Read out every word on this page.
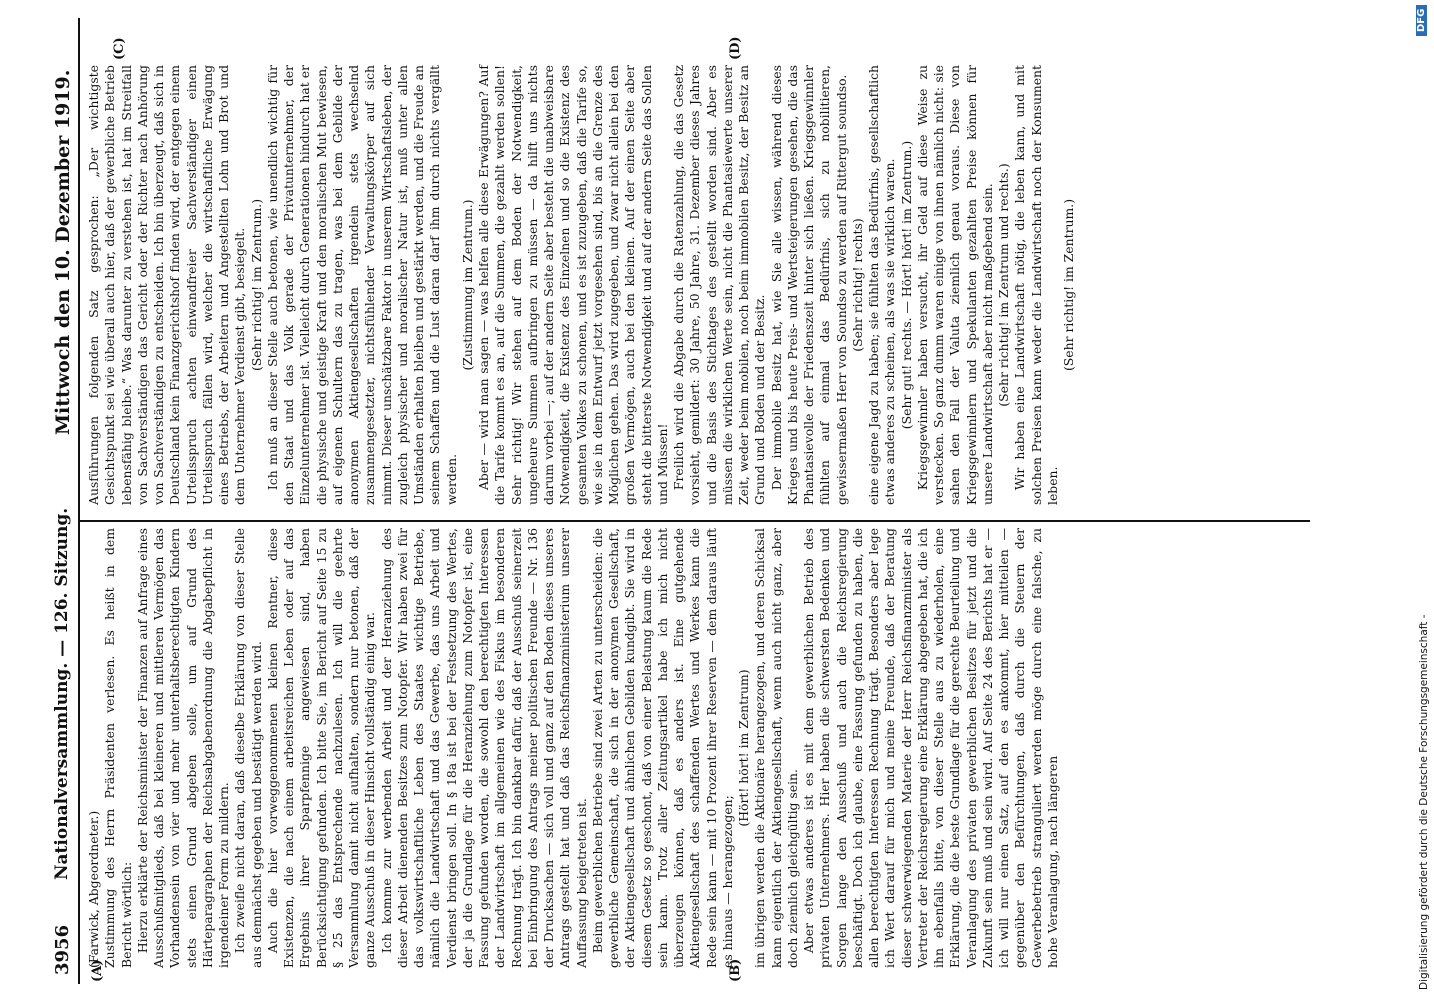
3956
Nationalversammlung. — 126. Sitzung.
Mittwoch den 10. Dezember 1919.
(A)	(B)
(C)	(D)

(Farwick, Abgeordneter.) Zustimmung des Herrn Präsidenten verlesen. Es heißt in dem Bericht wörtlich: Hierzu erklärte der Reichsminister der Finanzen auf Anfrage eines Ausschußmitglieds, daß bei kleineren und mittleren Vermögen das Vorhandensein von vier und mehr unterhaltsberechtigten Kindern stets einen Grund abgeben solle, um auf Grund des Härteparagraphen der Reichsabgabenordnung die Abgabepflicht in irgendeiner Form zu mildern. Ich zweifle nicht daran, daß dieselbe Erklärung von dieser Stelle aus demnächst gegeben und bestätigt werden wird. Auch die hier vorweggenommenen kleinen Rentner, diese Existenzen, die nach einem arbeitsreichen Leben oder auf das Ergebnis ihrer Sparpfennige angewiesen sind, haben Berücksichtigung gefunden. Ich bitte Sie, im Bericht auf Seite 15 zu § 25 das Entsprechende nachzulesen. Ich will die geehrte Versammlung damit nicht aufhalten, sondern nur betonen, daß der ganze Ausschuß in dieser Hinsicht vollständig einig war. Ich komme zur werbenden Arbeit und der Heranziehung des dieser Arbeit dienenden Besitzes zum Notopfer. Wir haben zwei für das volkswirtschaftliche Leben des Staates wichtige Betriebe, nämlich die Landwirtschaft und das Gewerbe, das uns Arbeit und Verdienst bringen soll. In § 18a ist bei der Festsetzung des Wertes, der ja die Grundlage für die Heranziehung zum Notopfer ist, eine Fassung gefunden worden, die sowohl den berechtigten Interessen der Landwirtschaft im allgemeinen wie des Fiskus im besonderen Rechnung trägt. Ich bin dankbar dafür, daß der Ausschuß seinerzeit bei Einbringung des Antrags meiner politischen Freunde — Nr. 136 der Drucksachen — sich voll und ganz auf den Boden dieses unseres Antrags gestellt hat und daß das Reichsfinanzministerium unserer Auffassung beigetreten ist. Beim gewerblichen Betriebe sind zwei Arten zu unterscheiden: die gewerbliche Gemeinschaft, die sich in der anonymen Gesellschaft, der Aktiengesellschaft und ähnlichen Gebilden kundgibt. Sie wird in diesem Gesetz so geschont, daß von einer Belastung kaum die Rede sein kann. Trotz aller Zeitungsartikel habe ich mich nicht überzeugen können, daß es anders ist. Eine gutgehende Aktiengesellschaft des schaffenden Wertes und Werkes kann die Rede sein kann — mit 10 Prozent ihrer Reserven — dem daraus läuft es hinaus — herangezogen;

(Hört! hört! im Zentrum) im übrigen werden die Aktionäre herangezogen, und deren Schicksal kann eigentlich der Aktiengesellschaft, wenn auch nicht ganz, aber doch ziemlich gleichgültig sein. Aber etwas anderes ist es mit dem gewerblichen Betrieb des privaten Unternehmers. Hier haben die schwersten Bedenken und Sorgen lange den Ausschuß und auch die Reichsregierung beschäftigt. Doch ich glaube, eine Fassung gefunden zu haben, die allen berechtigten Interessen Rechnung trägt. Besonders aber lege ich Wert darauf für mich und meine Freunde, daß der Beratung dieser schwerwiegenden Materie der Herr Reichsfinanzminister als Vertreter der Reichsregierung eine Erklärung abgegeben hat, die ich ihn ebenfalls bitte, von dieser Stelle aus zu wiederholen, eine Erklärung, die die beste Grundlage für die gerechte Beurteilung und Veranlagung des privaten gewerblichen Besitzes für jetzt und die Zukunft sein muß und sein wird. Auf Seite 24 des Berichts hat er — ich will nur einen Satz, auf den es ankommt, hier mitteilen — gegenüber den Befürchtungen, daß durch die Steuern der Gewerbebetrieb stranguliert werden möge durch eine falsche, zu hohe Veranlagung, nach längeren

Ausführungen folgenden Satz gesprochen: „Der wichtigste Gesichtspunkt sei wie überall auch hier, daß der gewerbliche Betrieb lebensfähig bleibe.“ Was darunter zu verstehen ist, hat im Streitfall von Sachverständigen das Gericht oder der Richter nach Anhörung von Sachverständigen zu entscheiden. Ich bin überzeugt, daß sich in Deutschland kein Finanzgerichtshof finden wird, der entgegen einem Urteilsspruch achten einwandfreier Sachverständiger einen Urteilsspruch fällen wird, welcher die wirtschaftliche Erwägung eines Betriebs, der Arbeitern und Angestellten Lohn und Brot und dem Unternehmer Verdienst gibt, besiegelt. (Sehr richtig! im Zentrum.) Ich muß an dieser Stelle auch betonen, wie unendlich wichtig für den Staat und das Volk gerade der Privatunternehmer, der Einzelunternehmer ist. Vielleicht durch Generationen hindurch hat er die physische und geistige Kraft und den moralischen Mut bewiesen, auf eigenen Schultern das zu tragen, was bei dem Gebilde der anonymen Aktiengesellschaften irgendein stets wechselnd zusammengesetzter, nichtsfühlender Verwaltungskörper auf sich nimmt. Dieser unschätzbare Faktor in unserem Wirtschaftsleben, der zugleich physischer und moralischer Natur ist, muß unter allen Umständen erhalten bleiben und gestärkt werden, und die Freude an seinem Schaffen und die Lust daran darf ihm durch nichts vergällt werden.

(Zustimmung im Zentrum.) Aber — wird man sagen — was helfen alle diese Erwägungen? Auf die Tarife kommt es an, auf die Summen, die gezahlt werden sollen! Sehr richtig! Wir stehen auf dem Boden der Notwendigkeit, ungeheure Summen aufbringen zu müssen — da hilft uns nichts darum vorbei —; auf der andern Seite aber besteht die unabweisbare Notwendigkeit, die Existenz des Einzelnen und so die Existenz des gesamten Volkes zu schonen, und es ist zuzugeben, daß die Tarife so, wie sie in dem Entwurf jetzt vorgesehen sind, bis an die Grenze des Möglichen gehen. Das wird zugegeben, und zwar nicht allein bei den großen Vermögen, auch bei den kleinen. Auf der einen Seite aber steht die bitterste Notwendigkeit und auf der andern Seite das Sollen und Müssen! Freilich wird die Abgabe durch die Ratenzahlung, die das Gesetz vorsieht, gemildert: 30 Jahre, 50 Jahre, 31. Dezember dieses Jahres und die Basis des Stichtages des gestellt worden sind. Aber es müssen die wirklichen Werte sein, nicht die Phantasiewerte unserer Zeit, weder beim mobilen, noch beim immobilen Besitz, der Besitz an Grund und Boden und der Besitz. Der immobile Besitz hat, wie Sie alle wissen, während dieses Krieges und bis heute Preis- und Wertsteigerungen gesehen, die das Phantasievolle der Friedenszeit hinter sich ließen. Kriegsgewinnler fühlten auf einmal das Bedürfnis, sich zu nobilitieren, gewissermaßen Herr von Soundso zu werden auf Rittergut soundso. (Sehr richtig! rechts) eine eigene Jagd zu haben; sie fühlten das Bedürfnis, gesellschaftlich etwas anderes zu scheinen, als was sie wirklich waren. (Sehr gut! rechts. — Hört! hört! im Zentrum.) Kriegsgewinnler haben versucht, ihr Geld auf diese Weise zu verstecken. So ganz dumm waren einige von ihnen nämlich nicht: sie sahen den Fall der Valuta ziemlich genau voraus. Diese von Kriegsgewinnlern und Spekulanten gezahlten Preise können für unsere Landwirtschaft aber nicht maßgebend sein. (Sehr richtig! im Zentrum und rechts.) Wir haben eine Landwirtschaft nötig, die leben kann, und mit solchen Preisen kann weder die Landwirtschaft noch der Konsument leben.

(Sehr richtig! im Zentrum.)

Digitalisierung gefördert durch die Deutsche Forschungsgemeinschaft -
DFG
